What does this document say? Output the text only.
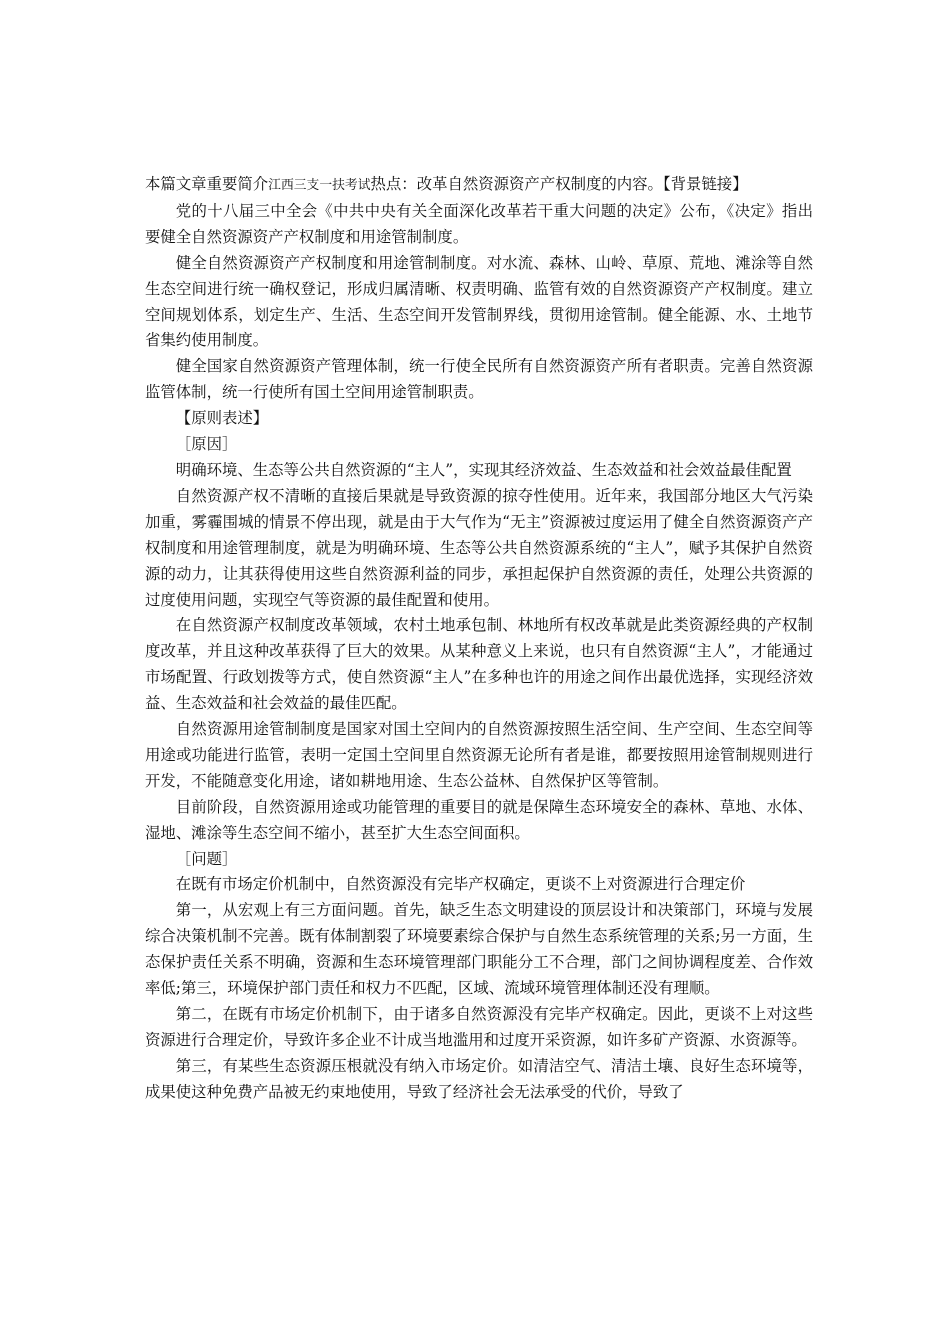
本篇文章重要简介江西三支一扶考试热点：改革自然资源资产产权制度的内容。【背景链接】

党的十八届三中全会《中共中央有关全面深化改革若干重大问题的决定》公布，《决定》指出要健全自然资源资产产权制度和用途管制制度。

健全自然资源资产产权制度和用途管制制度。对水流、森林、山岭、草原、荒地、滩涂等自然生态空间进行统一确权登记，形成归属清晰、权责明确、监管有效的自然资源资产产权制度。建立空间规划体系，划定生产、生活、生态空间开发管制界线，贯彻用途管制。健全能源、水、土地节省集约使用制度。

健全国家自然资源资产管理体制，统一行使全民所有自然资源资产所有者职责。完善自然资源监管体制，统一行使所有国土空间用途管制职责。

【原则表述】

［原因］

明确环境、生态等公共自然资源的“主人”，实现其经济效益、生态效益和社会效益最佳配置

自然资源产权不清晰的直接后果就是导致资源的掠夺性使用。近年来，我国部分地区大气污染加重，雾霾围城的情景不停出现，就是由于大气作为“无主”资源被过度运用了健全自然资源资产产权制度和用途管理制度，就是为明确环境、生态等公共自然资源系统的“主人”，赋予其保护自然资源的动力，让其获得使用这些自然资源利益的同步，承担起保护自然资源的责任，处理公共资源的过度使用问题，实现空气等资源的最佳配置和使用。

在自然资源产权制度改革领域，农村土地承包制、林地所有权改革就是此类资源经典的产权制度改革，并且这种改革获得了巨大的效果。从某种意义上来说，也只有自然资源“主人”，才能通过市场配置、行政划拨等方式，使自然资源“主人”在多种也许的用途之间作出最优选择，实现经济效益、生态效益和社会效益的最佳匹配。

自然资源用途管制制度是国家对国土空间内的自然资源按照生活空间、生产空间、生态空间等用途或功能进行监管，表明一定国土空间里自然资源无论所有者是谁，都要按照用途管制规则进行开发，不能随意变化用途，诸如耕地用途、生态公益林、自然保护区等管制。

目前阶段，自然资源用途或功能管理的重要目的就是保障生态环境安全的森林、草地、水体、湿地、滩涂等生态空间不缩小，甚至扩大生态空间面积。

［问题］

在既有市场定价机制中，自然资源没有完毕产权确定，更谈不上对资源进行合理定价

第一，从宏观上有三方面问题。首先，缺乏生态文明建设的顶层设计和决策部门，环境与发展综合决策机制不完善。既有体制割裂了环境要素综合保护与自然生态系统管理的关系;另一方面，生态保护责任关系不明确，资源和生态环境管理部门职能分工不合理，部门之间协调程度差、合作效率低;第三，环境保护部门责任和权力不匹配，区域、流域环境管理体制还没有理顺。

第二，在既有市场定价机制下，由于诸多自然资源没有完毕产权确定。因此，更谈不上对这些资源进行合理定价，导致许多企业不计成当地滥用和过度开采资源，如许多矿产资源、水资源等。

第三，有某些生态资源压根就没有纳入市场定价。如清洁空气、清洁土壤、良好生态环境等，成果使这种免费产品被无约束地使用，导致了经济社会无法承受的代价，导致了
